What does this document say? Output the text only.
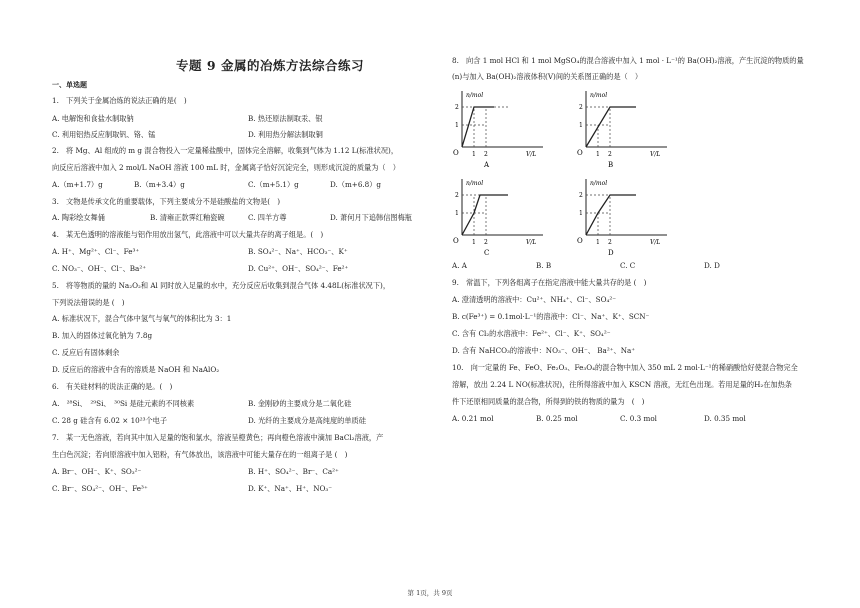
专题 9 金属的冶炼方法综合练习
一、单选题
1.　下列关于金属冶炼的说法正确的是(　)
A. 电解饱和食盐水制取钠	B. 热还原法制取汞、银
C. 利用铝热反应制取钒、铬、锰	D. 利用热分解法制取铜
2.　将 Mg、Al 组成的 m g 混合物投入一定量稀盐酸中，固体完全溶解，收集到气体为 1.12 L(标准状况)，
向反应后溶液中加入 2 mol/L NaOH 溶液 100 mL 时，金属离子恰好沉淀完全，则形成沉淀的质量为（　）
A.（m+1.7）g	B.（m+3.4）g	C.（m+5.1）g	D.（m+6.8）g
3.　文物是传承文化的重要载体，下列主要成分不是硅酸盐的文物是(　)
A. 陶彩绘女舞俑	B. 清雍正款霁红釉瓷碗	C. 四羊方尊	D. 萧何月下追韩信图梅瓶
4.　某无色透明的溶液能与铝作用放出氢气，此溶液中可以大量共存的离子组是。(　)
A. H⁺、Mg²⁺、Cl⁻、Fe³⁺	B. SO₄²⁻、Na⁺、HCO₃⁻、K⁺
C. NO₃⁻、OH⁻、Cl⁻、Ba²⁺	D. Cu²⁺、OH⁻、SO₄²⁻、Fe²⁺
5.　将等物质的量的 Na₂O₂和 Al 同时放入足量的水中，充分反应后收集到混合气体 4.48L(标准状况下)，
下列说法错误的是 (　)
A. 标准状况下，混合气体中氢气与氧气的体积比为 3：1
B. 加入的固体过氧化钠为 7.8g
C. 反应后有固体剩余
D. 反应后的溶液中含有的溶质是 NaOH 和 NaAlO₂
6.　有关硅材料的说法正确的是。(　)
A.　²⁸Si、　²⁹Si、　³⁰Si 是硅元素的不同核素	B. 金刚砂的主要成分是二氧化硅
C. 28 g 硅含有 6.02 × 10²³个电子	D. 光纤的主要成分是高纯度的单质硅
7.　某一无色溶液，若向其中加入足量的饱和氯水，溶液呈橙黄色；再向橙色溶液中滴加 BaCl₂溶液，产
生白色沉淀；若向原溶液中加入铝粉，有气体放出，该溶液中可能大量存在的一组离子是 (　)
A. Br⁻、OH⁻、K⁺、SO₃²⁻	B. H⁺、SO₄²⁻、Br⁻、Ca²⁺
C. Br⁻、SO₄²⁻、OH⁻、Fe³⁺	D. K⁺、Na⁺、H⁺、NO₃⁻
8.　向含 1 mol HCl 和 1 mol MgSO₄的混合溶液中加入 1 mol · L⁻¹的 Ba(OH)₂溶液，产生沉淀的物质的量
(n)与加入 Ba(OH)₂溶液体积(V)间的关系图正确的是（　）
n/mol
2
1
O 1 2	V/L
A
n/mol
2
1
O 1 2	V/L
B
n/mol
2
1
O 1 2	V/L
C
n/mol
2
1
O 1 2	V/L
D
A. A	B. B	C. C	D. D
9.　常温下，下列各组离子在指定溶液中能大量共存的是 (　)
A. 澄清透明的溶液中：Cu²⁺、NH₄⁺、Cl⁻、SO₄²⁻
B. c(Fe³⁺) = 0.1mol·L⁻¹的溶液中：Cl⁻、Na⁺、K⁺、SCN⁻
C. 含有 Cl₂的水溶液中：Fe²⁺、Cl⁻、K⁺、SO₄²⁻
D. 含有 NaHCO₃的溶液中：NO₃⁻、OH⁻、 Ba²⁺、Na⁺
10.　向一定量的 Fe、FeO、Fe₂O₃、Fe₃O₄的混合物中加入 350 mL 2 mol·L⁻¹的稀硝酸恰好使混合物完全
溶解，放出 2.24 L NO(标准状况)，往所得溶液中加入 KSCN 溶液，无红色出现。若用足量的H₂在加热条
件下还原相同质量的混合物，所得到的铁的物质的量为　(　)
A. 0.21 mol	B. 0.25 mol	C. 0.3 mol	D. 0.35 mol
第 1页，共 9页
